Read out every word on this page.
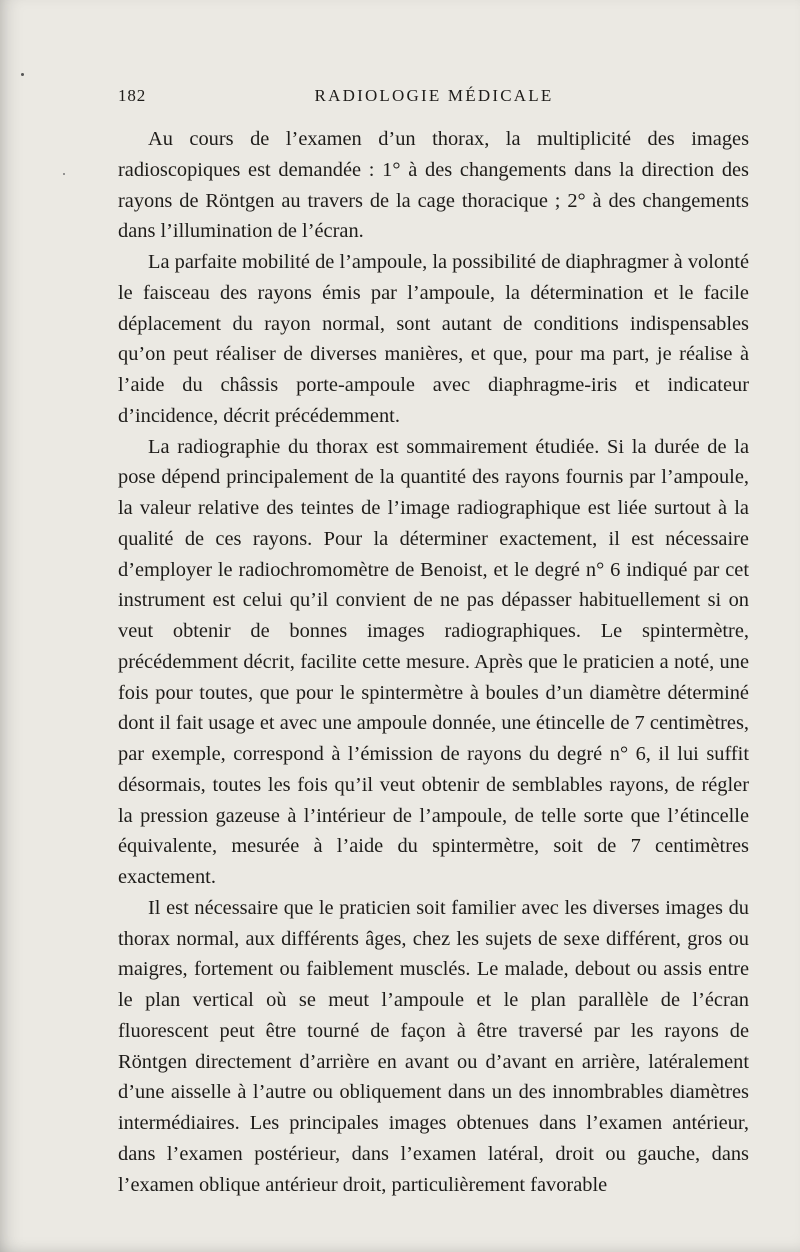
182	RADIOLOGIE MÉDICALE

Au cours de l’examen d’un thorax, la multiplicité des images radioscopiques est demandée : 1° à des changements dans la direction des rayons de Röntgen au travers de la cage thoracique ; 2° à des changements dans l’illumination de l’écran.

La parfaite mobilité de l’ampoule, la possibilité de diaphragmer à volonté le faisceau des rayons émis par l’ampoule, la détermination et le facile déplacement du rayon normal, sont autant de conditions indispensables qu’on peut réaliser de diverses manières, et que, pour ma part, je réalise à l’aide du châssis porte-ampoule avec diaphragme-iris et indicateur d’incidence, décrit précédemment.

La radiographie du thorax est sommairement étudiée. Si la durée de la pose dépend principalement de la quantité des rayons fournis par l’ampoule, la valeur relative des teintes de l’image radiographique est liée surtout à la qualité de ces rayons. Pour la déterminer exactement, il est nécessaire d’employer le radiochromomètre de Benoist, et le degré n° 6 indiqué par cet instrument est celui qu’il convient de ne pas dépasser habituellement si on veut obtenir de bonnes images radiographiques. Le spintermètre, précédemment décrit, facilite cette mesure. Après que le praticien a noté, une fois pour toutes, que pour le spintermètre à boules d’un diamètre déterminé dont il fait usage et avec une ampoule donnée, une étincelle de 7 centimètres, par exemple, correspond à l’émission de rayons du degré n° 6, il lui suffit désormais, toutes les fois qu’il veut obtenir de semblables rayons, de régler la pression gazeuse à l’intérieur de l’ampoule, de telle sorte que l’étincelle équivalente, mesurée à l’aide du spintermètre, soit de 7 centimètres exactement.

Il est nécessaire que le praticien soit familier avec les diverses images du thorax normal, aux différents âges, chez les sujets de sexe différent, gros ou maigres, fortement ou faiblement musclés. Le malade, debout ou assis entre le plan vertical où se meut l’ampoule et le plan parallèle de l’écran fluorescent peut être tourné de façon à être traversé par les rayons de Röntgen directement d’arrière en avant ou d’avant en arrière, latéralement d’une aisselle à l’autre ou obliquement dans un des innombrables diamètres intermédiaires. Les principales images obtenues dans l’examen antérieur, dans l’examen postérieur, dans l’examen latéral, droit ou gauche, dans l’examen oblique antérieur droit, particulièrement favorable
